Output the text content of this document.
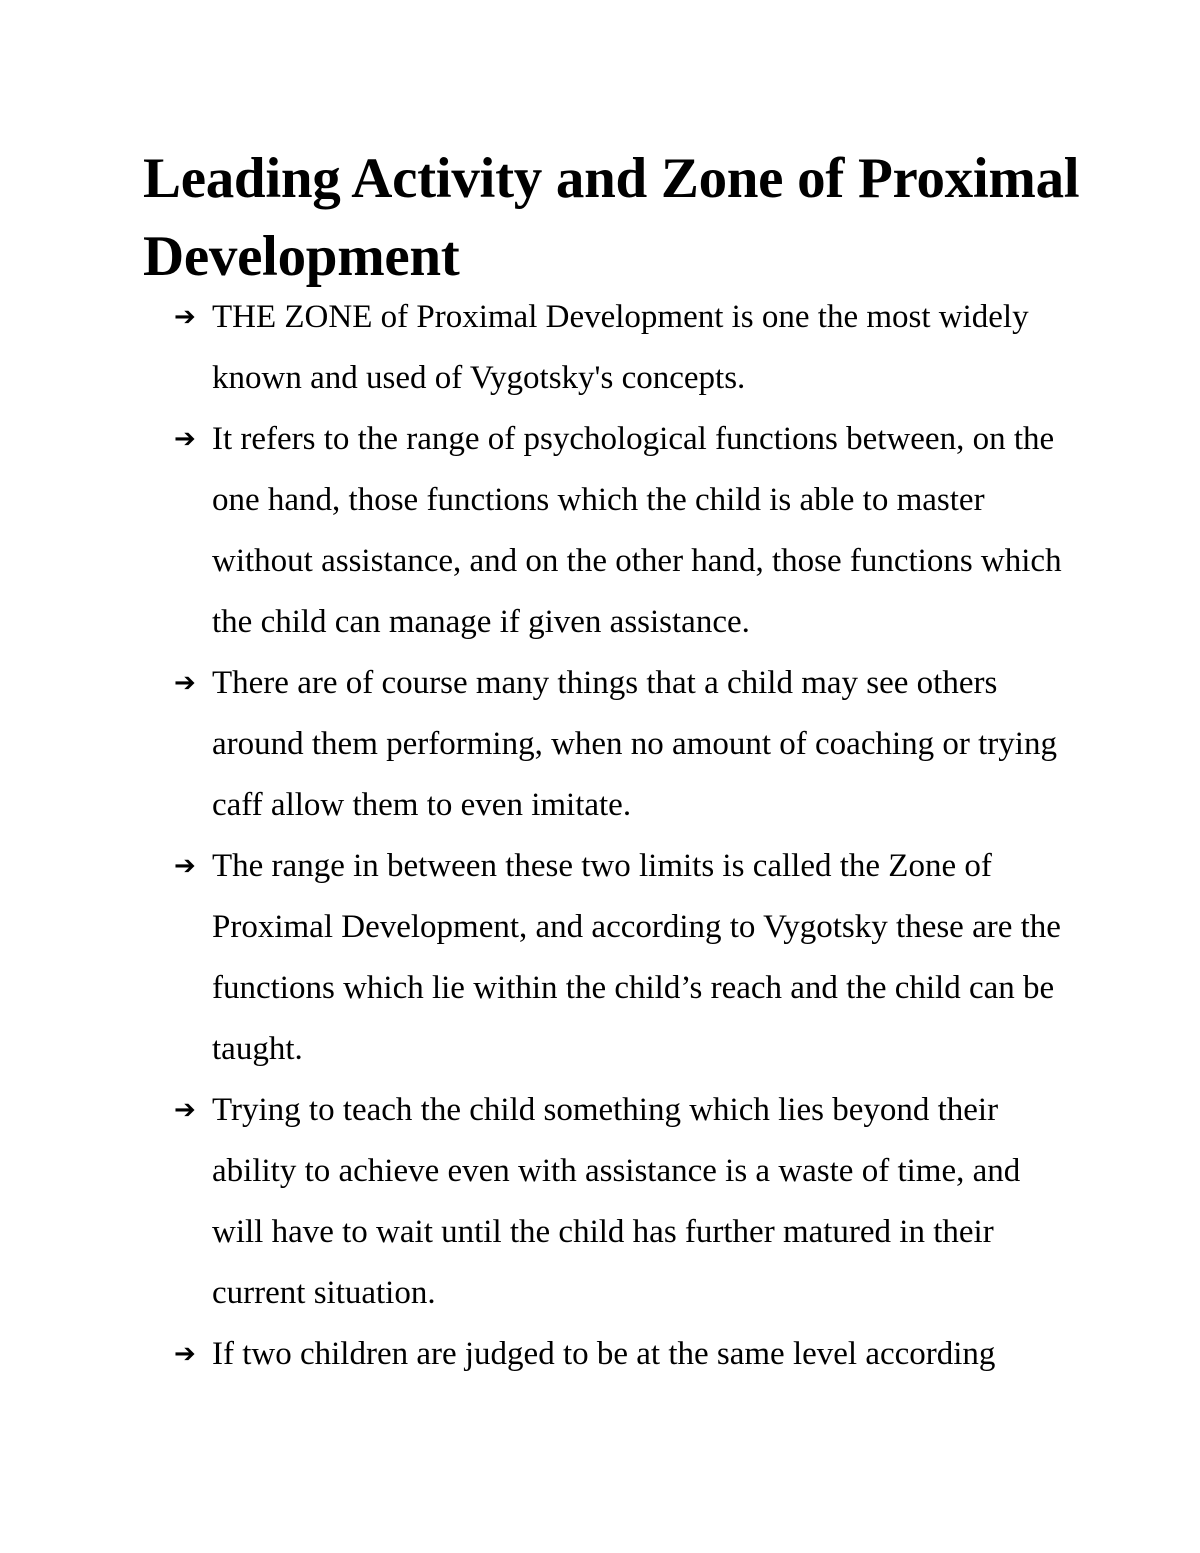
Leading Activity and Zone of Proximal Development
➔ THE ZONE of Proximal Development is one the most widely known and used of Vygotsky's concepts.
➔ It refers to the range of psychological functions between, on the one hand, those functions which the child is able to master without assistance, and on the other hand, those functions which the child can manage if given assistance.
➔ There are of course many things that a child may see others around them performing, when no amount of coaching or trying caff allow them to even imitate.
➔ The range in between these two limits is called the Zone of Proximal Development, and according to Vygotsky these are the functions which lie within the child’s reach and the child can be taught.
➔ Trying to teach the child something which lies beyond their ability to achieve even with assistance is a waste of time, and will have to wait until the child has further matured in their current situation.
➔ If two children are judged to be at the same level according
